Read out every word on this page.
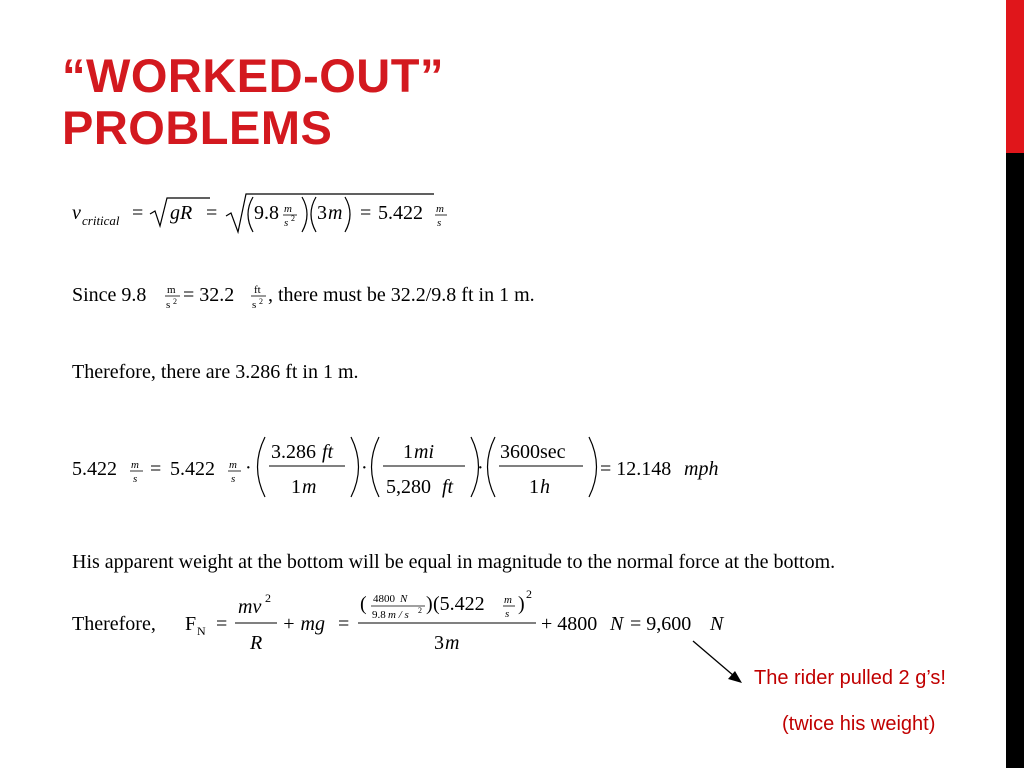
“WORKED-OUT”
PROBLEMS
v critical = gR = 9.8 m
s 2 3 m = 5.422 m
s
Since 9.8 m
s 2 = 32.2 ft
s 2 , there must be 32.2/9.8 ft in 1 m.
Therefore, there are 3.286 ft in 1 m.
5.422 m
s = 5.422 m
s ·
3.286 ft
1 m
·
1 mi
5,280 ft
·
3600sec
1 h
= 12.148 mph
His apparent weight at the bottom will be equal in magnitude to the normal force at the bottom.
Therefore, F N =
mv 2
R
+ mg =
( 4800 N
9.8 m / s 2 ) (5.422 m
s ) 2
3 m
+ 4800 N = 9,600 N
The rider pulled 2 g’s!
(twice his weight)
